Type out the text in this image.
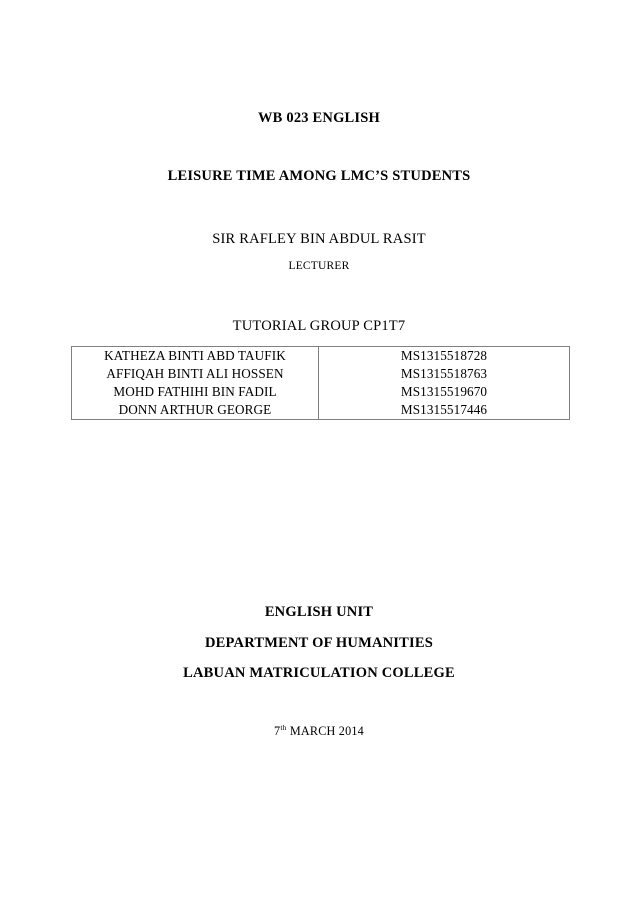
WB 023 ENGLISH
LEISURE TIME AMONG LMC’S STUDENTS
SIR RAFLEY BIN ABDUL RASIT
LECTURER
TUTORIAL GROUP CP1T7
KATHEZA BINTI ABD TAUFIK	MS1315518728
AFFIQAH BINTI ALI HOSSEN	MS1315518763
MOHD FATHIHI BIN FADIL	MS1315519670
DONN ARTHUR GEORGE	MS1315517446
ENGLISH UNIT
DEPARTMENT OF HUMANITIES
LABUAN MATRICULATION COLLEGE
7th MARCH 2014
